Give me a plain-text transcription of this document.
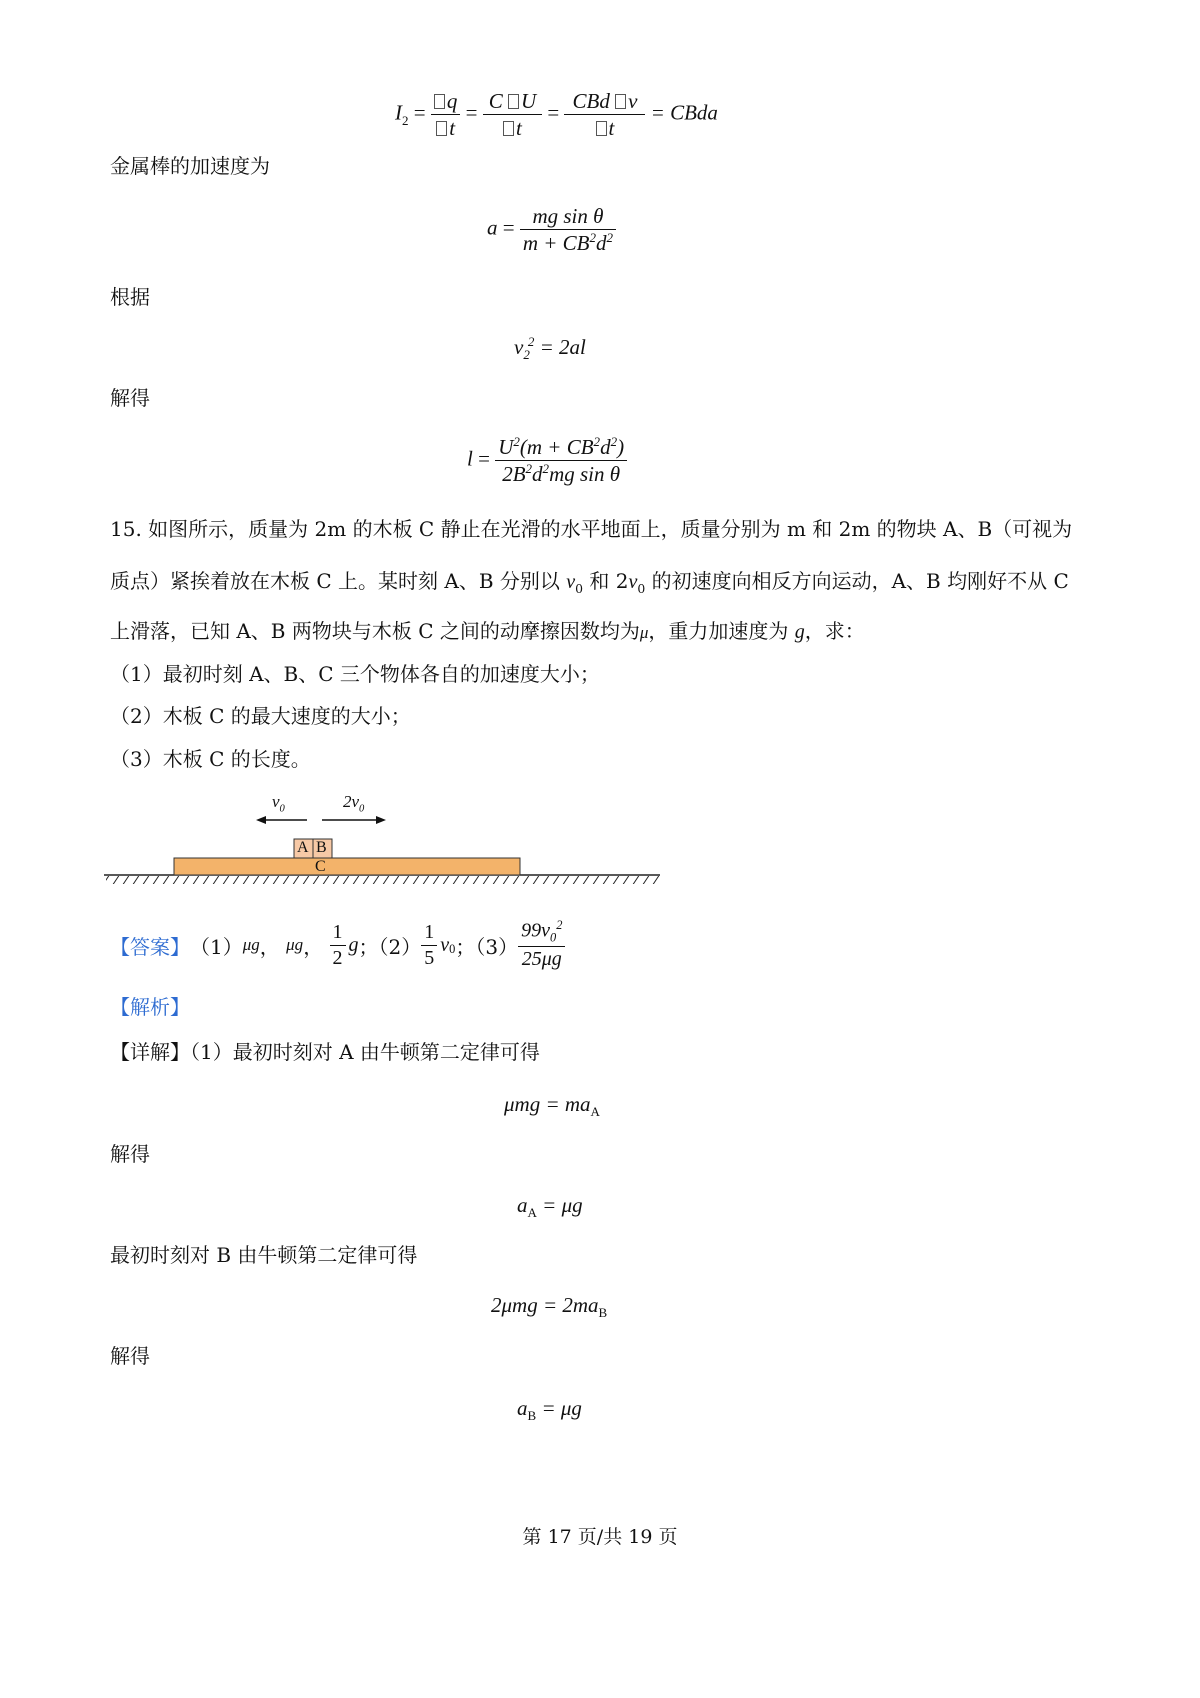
$I_2 = \frac{q}{t} = \frac{\text{C U}}{t} = \frac{\text{CBd v}}{t}$ = CBda
金属棒的加速度为
$a = \frac{\text{mg sin θ}}{m + CB^2d^2}$
根据
$v_2^2 = 2al$
解得
$l = \frac{U^2(m + CB^2d^2)}{2B^2d^2mg \sin \theta}$
15. 如图所示，质量为 2m 的木板 C 静止在光滑的水平地面上，质量分别为 m 和 2m 的物块 A、B（可视为
质点）紧挨着放在木板 C 上。某时刻 A、B 分别以 $v_0$ 和 $2v_0$ 的初速度向相反方向运动，A、B 均刚好不从 C
上滑落，已知 A、B 两物块与木板 C 之间的动摩擦因数均为μ，重力加速度为 g，求：
（1）最初时刻 A、B、C 三个物体各自的加速度大小；
（2）木板 C 的最大速度的大小；
（3）木板 C 的长度。
$v_0$	$2v_0$
A B
C
【答案】 （1） μg ， μg ， $\frac{1}{2}$ g ；$(2) \frac{1}{5} v_0$ ；$(3) \frac{99v_0^2}{25\mu g}$
【解析】
【详解】（1）最初时刻对 A 由牛顿第二定律可得
$\mu mg = ma_A$
解得
$a_A = \mu g$
最初时刻对 B 由牛顿第二定律可得
$2\mu mg = 2ma_B$
解得
$a_B = \mu g$
第 17 页/共 19 页
